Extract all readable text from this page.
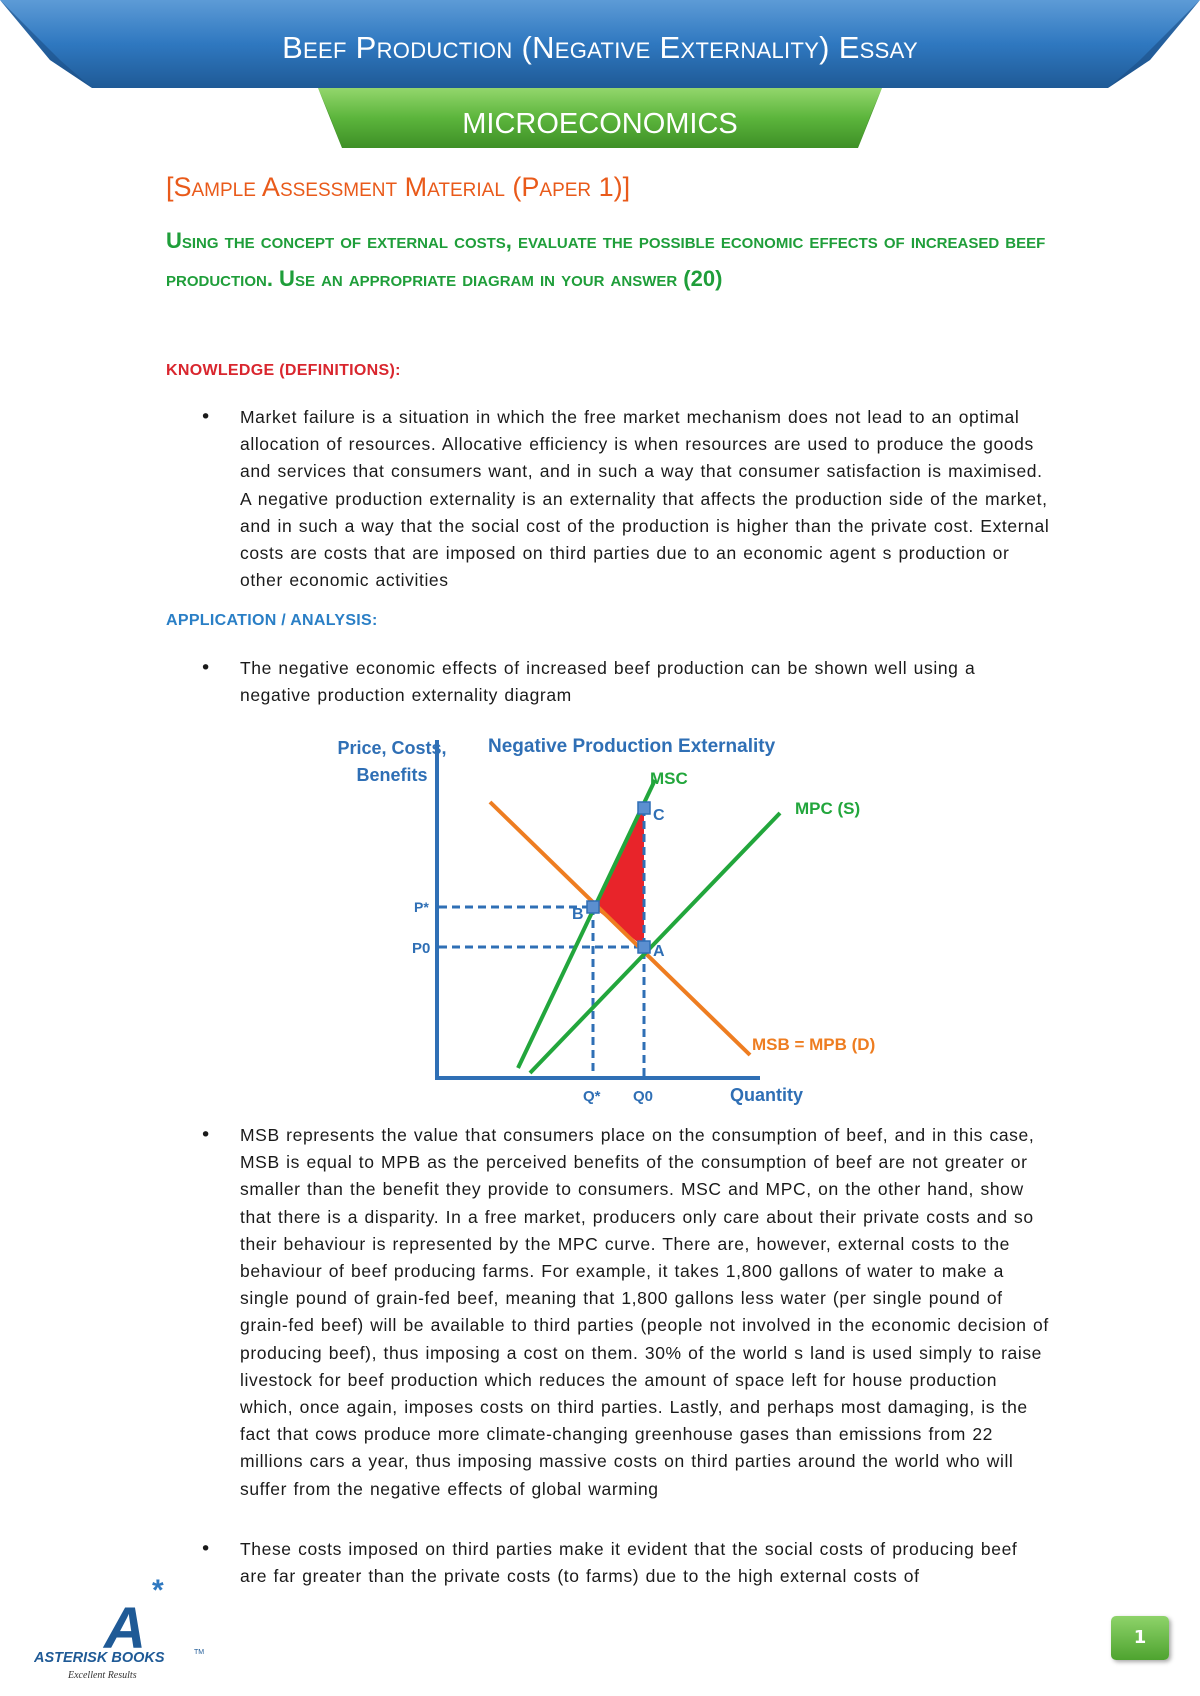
Beef Production (Negative Externality) Essay
MICROECONOMICS
[Sample Assessment Material (Paper 1)]
Using the concept of external costs, evaluate the possible economic effects of increased beef production. Use an appropriate diagram in your answer (20)
KNOWLEDGE (DEFINITIONS):
• Market failure is a situation in which the free market mechanism does not lead to an optimal allocation of resources. Allocative efficiency is when resources are used to produce the goods and services that consumers want, and in such a way that consumer satisfaction is maximised. A negative production externality is an externality that affects the production side of the market, and in such a way that the social cost of the production is higher than the private cost. External costs are costs that are imposed on third parties due to an economic agent s production or other economic activities

APPLICATION / ANALYSIS:
• The negative economic effects of increased beef production can be shown well using a negative production externality diagram

Negative Production Externality
Price, Costs,
Benefits
Quantity
MSC
MPC (S)
MSB = MPB (D)
C
B
A
P*
P0
Q* Q0
• MSB represents the value that consumers place on the consumption of beef, and in this case, MSB is equal to MPB as the perceived benefits of the consumption of beef are not greater or smaller than the benefit they provide to consumers. MSC and MPC, on the other hand, show that there is a disparity. In a free market, producers only care about their private costs and so their behaviour is represented by the MPC curve. There are, however, external costs to the behaviour of beef producing farms. For example, it takes 1,800 gallons of water to make a single pound of grain-fed beef, meaning that 1,800 gallons less water (per single pound of grain-fed beef) will be available to third parties (people not involved in the economic decision of producing beef), thus imposing a cost on them. 30% of the world s land is used simply to raise livestock for beef production which reduces the amount of space left for house production which, once again, imposes costs on third parties. Lastly, and perhaps most damaging, is the fact that cows produce more climate-changing greenhouse gases than emissions from 22 millions cars a year, thus imposing massive costs on third parties around the world who will suffer from the negative effects of global warming

• These costs imposed on third parties make it evident that the social costs of producing beef are far greater than the private costs (to farms) due to the high external costs of

*
A
ASTERISK BOOKS	TM
Excellent Results
1
